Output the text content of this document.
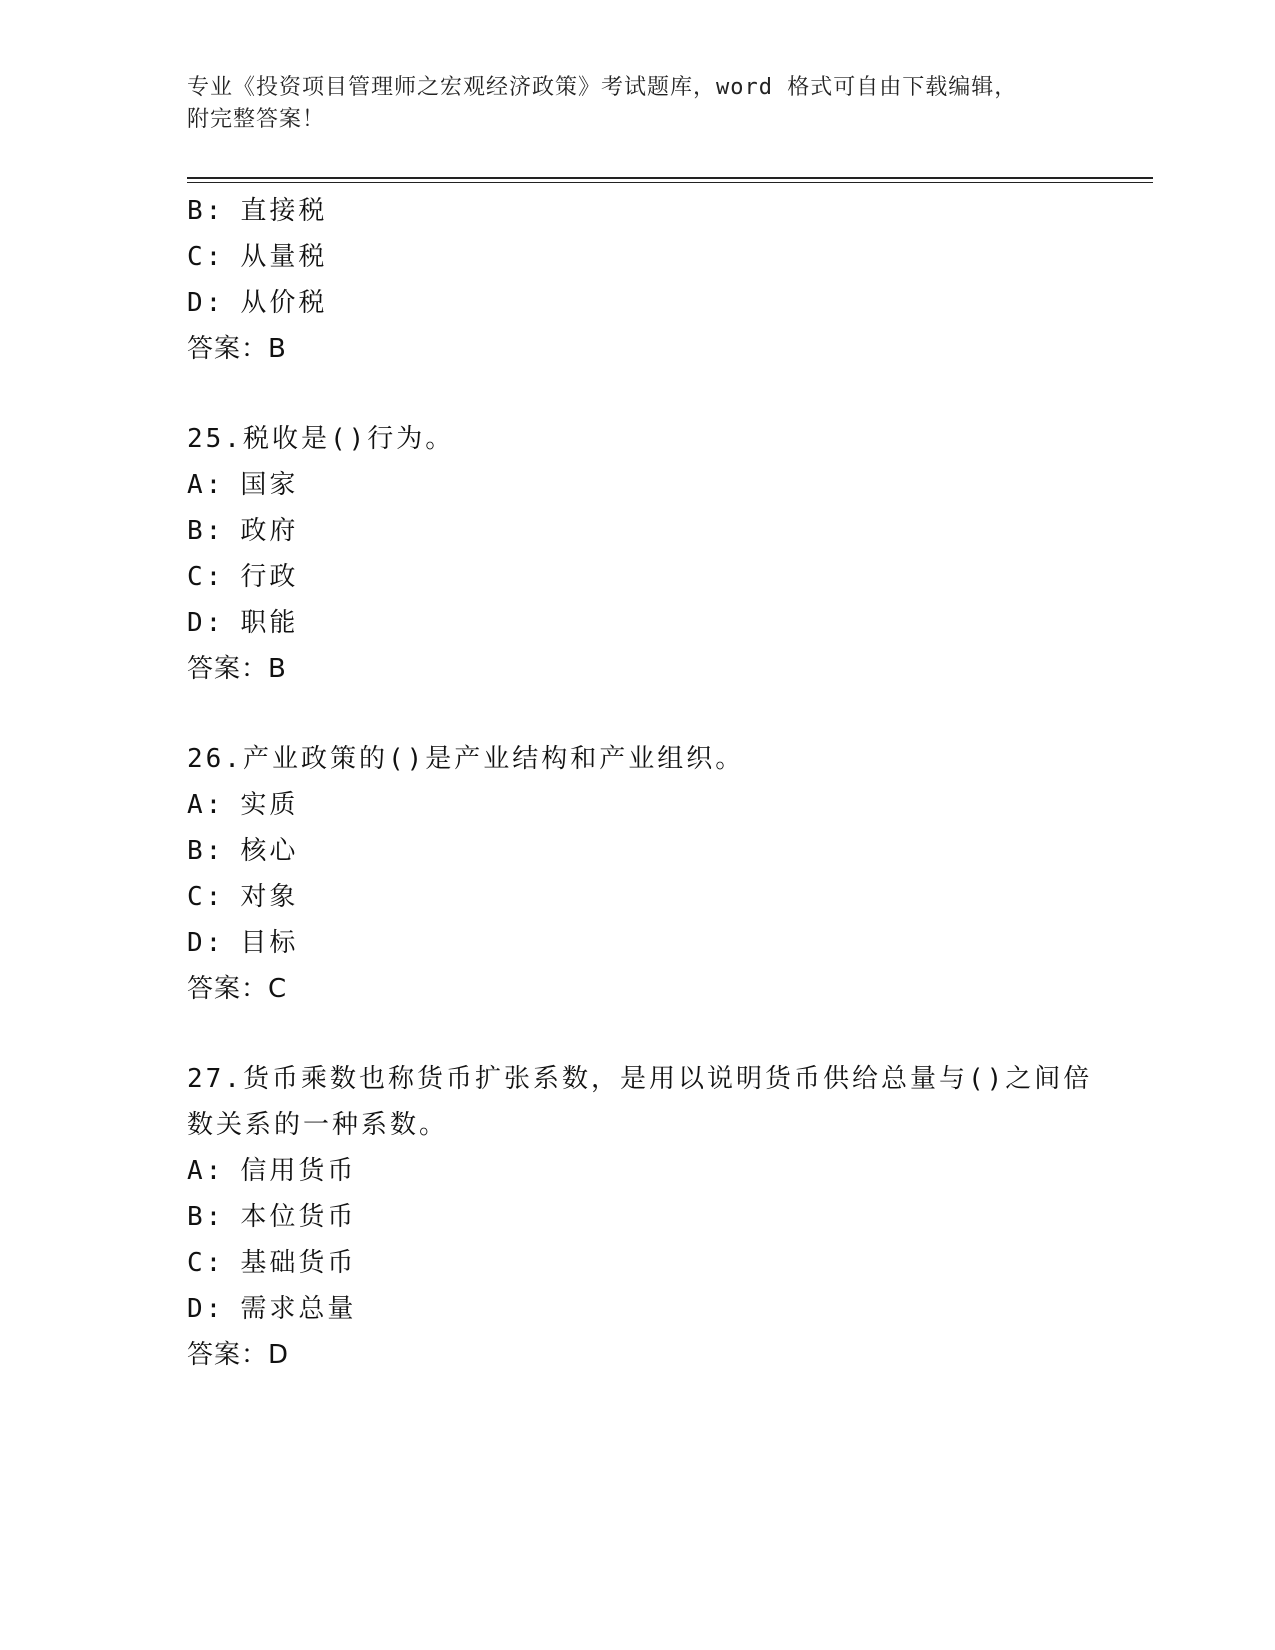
专业《投资项目管理师之宏观经济政策》考试题库，word 格式可自由下载编辑，
附完整答案！
B: 直接税
C: 从量税
D: 从价税
答案：B
25.税收是()行为。
A: 国家
B: 政府
C: 行政
D: 职能
答案：B
26.产业政策的()是产业结构和产业组织。
A: 实质
B: 核心
C: 对象
D: 目标
答案：C
27.货币乘数也称货币扩张系数，是用以说明货币供给总量与()之间倍
数关系的一种系数。
A: 信用货币
B: 本位货币
C: 基础货币
D: 需求总量
答案：D
